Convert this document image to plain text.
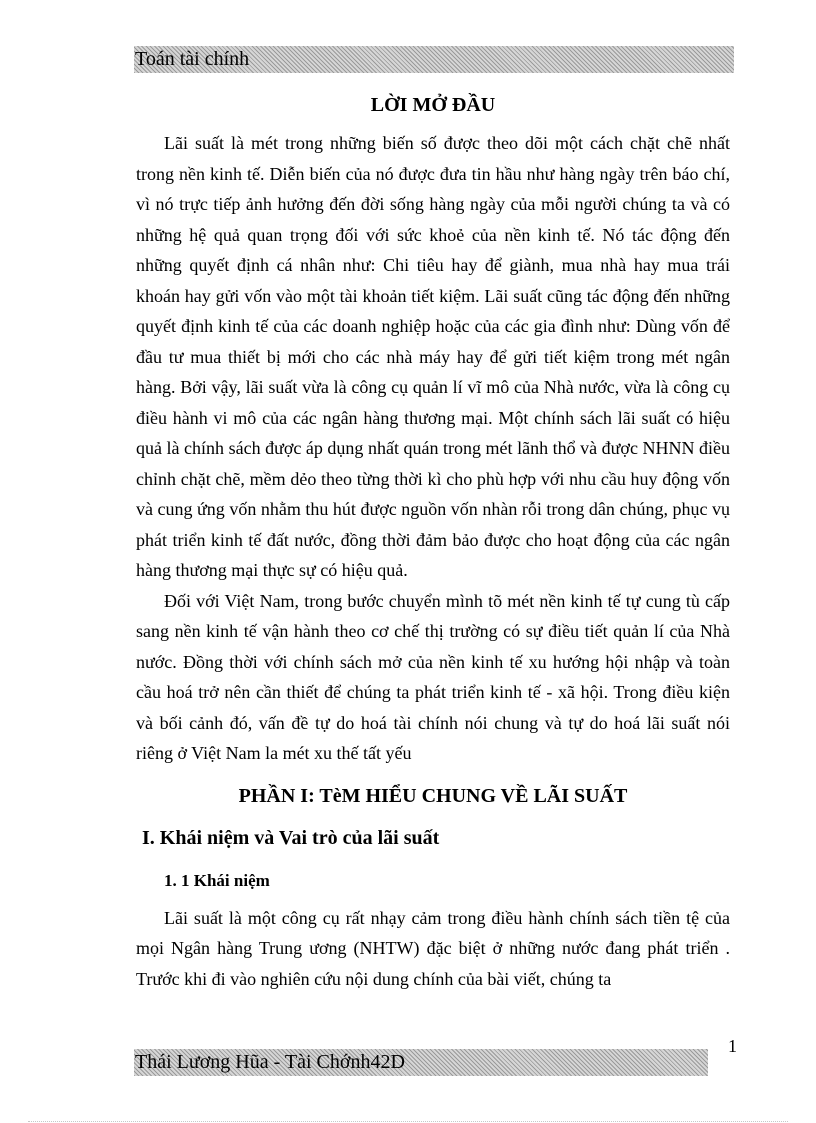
Toán tài chính
LỜI MỞ ĐẦU

Lãi suất là mét trong những biến số được theo dõi một cách chặt chẽ nhất trong nền kinh tế. Diễn biến của nó được đưa tin hầu như hàng ngày trên báo chí, vì nó trực tiếp ảnh hưởng đến đời sống hàng ngày của mỗi người chúng ta và có những hệ quả quan trọng đối với sức khoẻ của nền kinh tế. Nó tác động đến những quyết định cá nhân như: Chi tiêu hay để giành, mua nhà hay mua trái khoán hay gửi vốn vào một tài khoản tiết kiệm. Lãi suất cũng tác động đến những quyết định kinh tế của các doanh nghiệp hoặc của các gia đình như: Dùng vốn để đầu tư mua thiết bị mới cho các nhà máy hay để gửi tiết kiệm trong mét ngân hàng. Bởi vậy, lãi suất vừa là công cụ quản lí vĩ mô của Nhà nước, vừa là công cụ điều hành vi mô của các ngân hàng thương mại. Một chính sách lãi suất có hiệu quả là chính sách được áp dụng nhất quán trong mét lãnh thổ và được NHNN điều chỉnh chặt chẽ, mềm dẻo theo từng thời kì cho phù hợp với nhu cầu huy động vốn và cung ứng vốn nhằm thu hút được nguồn vốn nhàn rỗi trong dân chúng, phục vụ phát triển kinh tế đất nước, đồng thời đảm bảo được cho hoạt động của các ngân hàng thương mại thực sự có hiệu quả.

Đối với Việt Nam, trong bước chuyển mình tõ mét nền kinh tế tự cung tù cấp sang nền kinh tế vận hành theo cơ chế thị trường có sự điều tiết quản lí của Nhà nước. Đồng thời với chính sách mở của nền kinh tế xu hướng hội nhập và toàn cầu hoá trở nên cần thiết để chúng ta phát triển kinh tế - xã hội. Trong điều kiện và bối cảnh đó, vấn đề tự do hoá tài chính nói chung và tự do hoá lãi suất nói riêng ở Việt Nam la mét xu thế tất yếu

PHẦN I: TèM HIỂU CHUNG VỀ LÃI SUẤT
I. Khái niệm và Vai trò của lãi suất
1. 1 Khái niệm

Lãi suất là một công cụ rất nhạy cảm trong điều hành chính sách tiền tệ của mọi Ngân hàng Trung ương (NHTW) đặc biệt ở những nước đang phát triển . Trước khi đi vào nghiên cứu nội dung chính của bài viết, chúng ta

1
Thái Lương Hũa - Tài Chớnh42D
